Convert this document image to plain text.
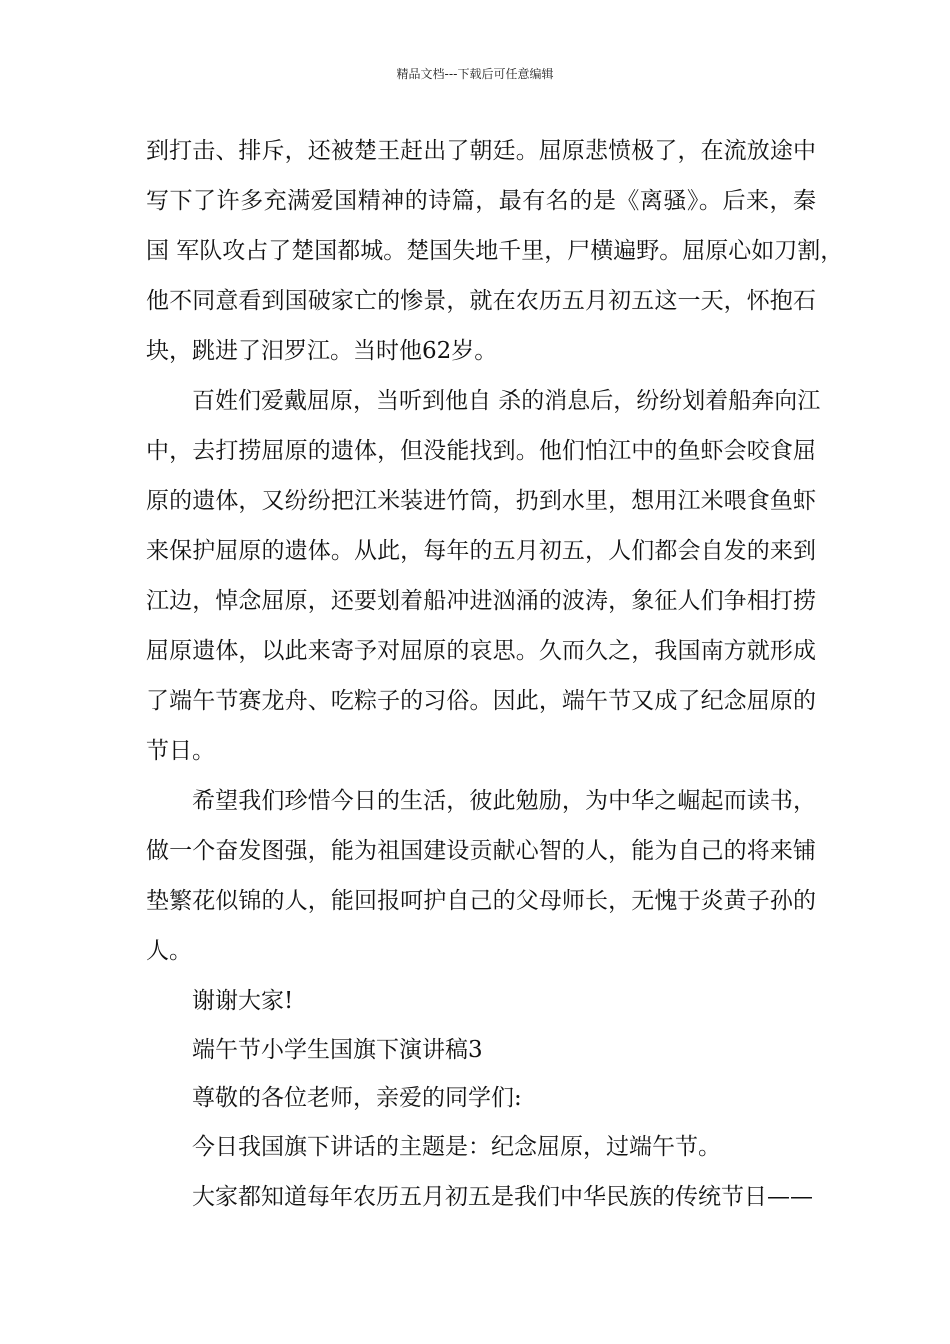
精品文档---下载后可任意编辑
到打击、排斥，还被楚王赶出了朝廷。屈原悲愤极了，在流放途中
写下了许多充满爱国精神的诗篇，最有名的是《离骚》。后来，秦
国 军队攻占了楚国都城。楚国失地千里，尸横遍野。屈原心如刀割，
他不同意看到国破家亡的惨景，就在农历五月初五这一天，怀抱石
块，跳进了汨罗江。当时他62岁。
百姓们爱戴屈原，当听到他自 杀的消息后，纷纷划着船奔向江
中，去打捞屈原的遗体，但没能找到。他们怕江中的鱼虾会咬食屈
原的遗体，又纷纷把江米装进竹筒，扔到水里，想用江米喂食鱼虾
来保护屈原的遗体。从此，每年的五月初五，人们都会自发的来到
江边，悼念屈原，还要划着船冲进汹涌的波涛，象征人们争相打捞
屈原遗体，以此来寄予对屈原的哀思。久而久之，我国南方就形成
了端午节赛龙舟、吃粽子的习俗。因此，端午节又成了纪念屈原的
节日。
希望我们珍惜今日的生活，彼此勉励，为中华之崛起而读书，
做一个奋发图强，能为祖国建设贡献心智的人，能为自己的将来铺
垫繁花似锦的人，能回报呵护自己的父母师长，无愧于炎黄子孙的
人。
谢谢大家!
端午节小学生国旗下演讲稿3
尊敬的各位老师，亲爱的同学们:
今日我国旗下讲话的主题是：纪念屈原，过端午节。
大家都知道每年农历五月初五是我们中华民族的传统节日——
